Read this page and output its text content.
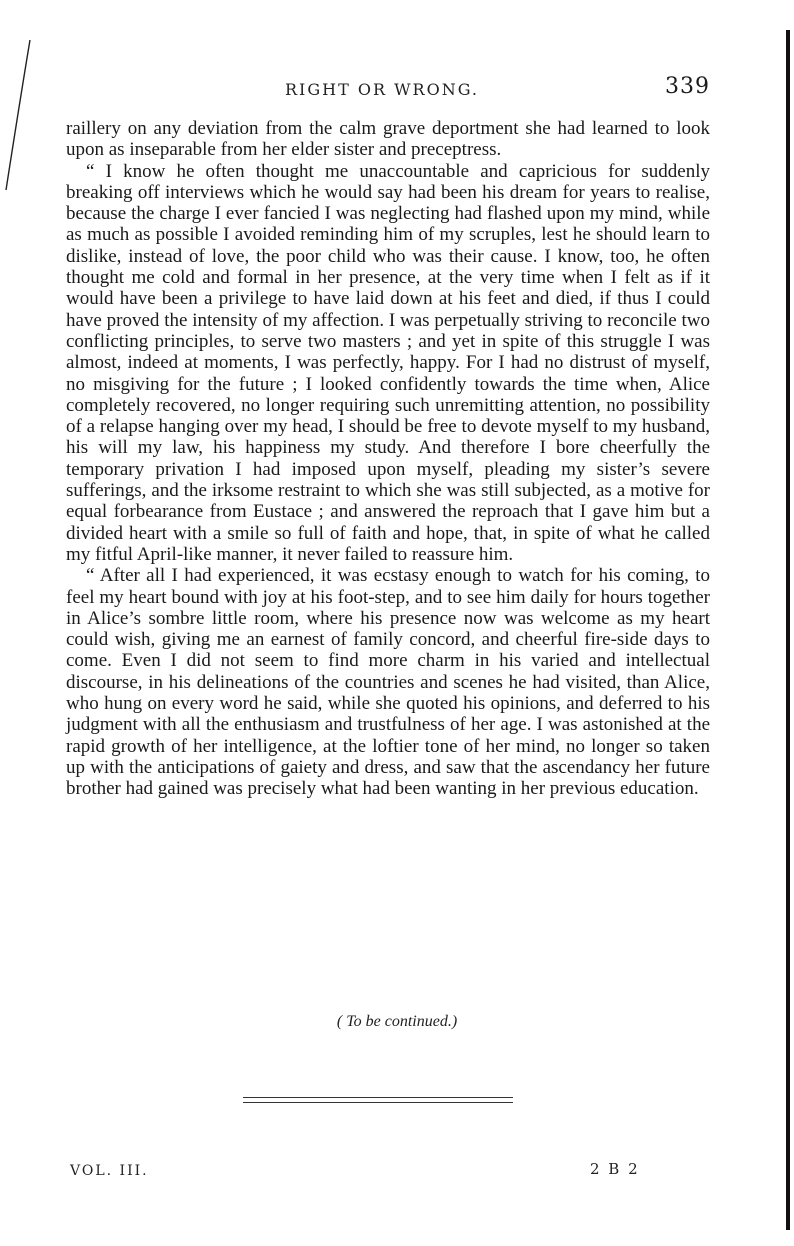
RIGHT OR WRONG.	339

raillery on any deviation from the calm grave deportment she had learned to look upon as inseparable from her elder sister and preceptress.

“ I know he often thought me unaccountable and capricious for suddenly breaking off interviews which he would say had been his dream for years to realise, because the charge I ever fancied I was neglecting had flashed upon my mind, while as much as possible I avoided reminding him of my scruples, lest he should learn to dislike, instead of love, the poor child who was their cause. I know, too, he often thought me cold and formal in her presence, at the very time when I felt as if it would have been a privilege to have laid down at his feet and died, if thus I could have proved the intensity of my affection. I was perpetually striving to reconcile two conflicting principles, to serve two masters ; and yet in spite of this struggle I was almost, indeed at moments, I was perfectly, happy. For I had no distrust of myself, no misgiving for the future ; I looked confidently towards the time when, Alice completely recovered, no longer requiring such unremitting attention, no possibility of a relapse hanging over my head, I should be free to devote myself to my husband, his will my law, his happiness my study. And therefore I bore cheerfully the temporary privation I had imposed upon myself, pleading my sister’s severe sufferings, and the irksome restraint to which she was still subjected, as a motive for equal forbearance from Eustace ; and answered the reproach that I gave him but a divided heart with a smile so full of faith and hope, that, in spite of what he called my fitful April-like manner, it never failed to reassure him.

“ After all I had experienced, it was ecstasy enough to watch for his coming, to feel my heart bound with joy at his foot-step, and to see him daily for hours together in Alice’s sombre little room, where his presence now was welcome as my heart could wish, giving me an earnest of family concord, and cheerful fire-side days to come. Even I did not seem to find more charm in his varied and intellectual discourse, in his delineations of the countries and scenes he had visited, than Alice, who hung on every word he said, while she quoted his opinions, and deferred to his judgment with all the enthusiasm and trustfulness of her age. I was astonished at the rapid growth of her intelligence, at the loftier tone of her mind, no longer so taken up with the anticipations of gaiety and dress, and saw that the ascendancy her future brother had gained was precisely what had been wanting in her previous education.

( To be continued.)
VOL. III.	2 B 2
